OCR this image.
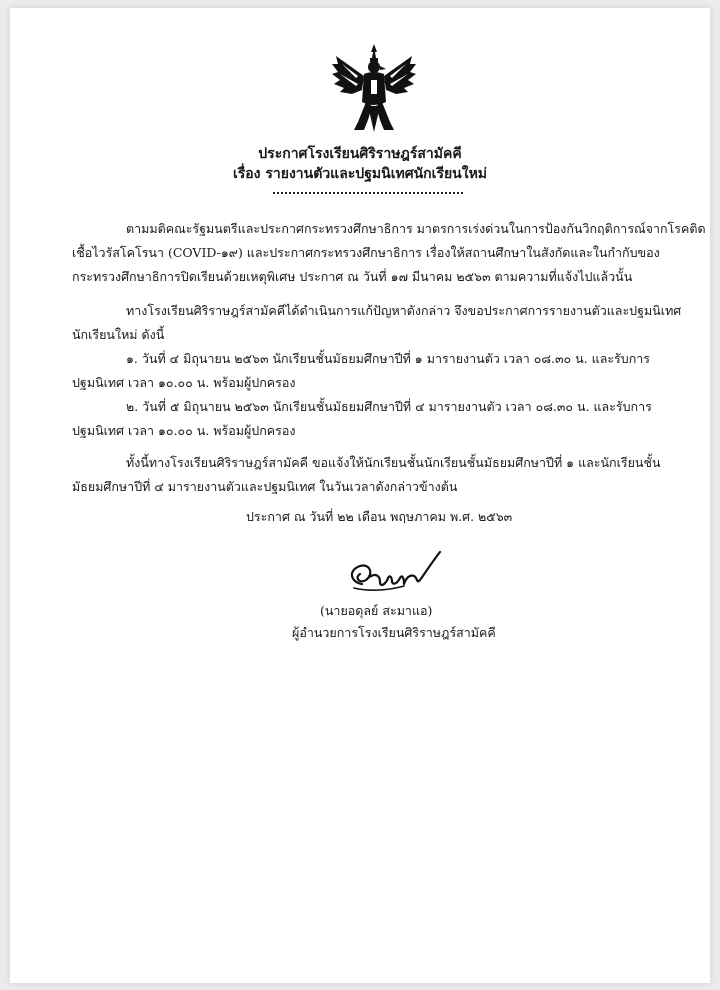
ประกาศโรงเรียนศิริราษฎร์สามัคคี
เรื่อง รายงานตัวและปฐมนิเทศนักเรียนใหม่
ตามมติคณะรัฐมนตรีและประกาศกระทรวงศึกษาธิการ มาตรการเร่งด่วนในการป้องกันวิกฤติการณ์จากโรคติด
เชื้อไวรัสโคโรนา (COVID-๑๙) และประกาศกระทรวงศึกษาธิการ เรื่องให้สถานศึกษาในสังกัดและในกำกับของ
กระทรวงศึกษาธิการปิดเรียนด้วยเหตุพิเศษ ประกาศ ณ วันที่ ๑๗ มีนาคม ๒๕๖๓ ตามความที่แจ้งไปแล้วนั้น
ทางโรงเรียนศิริราษฎร์สามัคคีได้ดำเนินการแก้ปัญหาดังกล่าว จึงขอประกาศการรายงานตัวและปฐมนิเทศ
นักเรียนใหม่ ดังนี้
๑. วันที่ ๔ มิถุนายน ๒๕๖๓ นักเรียนชั้นมัธยมศึกษาปีที่ ๑ มารายงานตัว เวลา ๐๘.๓๐ น. และรับการ
ปฐมนิเทศ เวลา ๑๐.๐๐ น. พร้อมผู้ปกครอง
๒. วันที่ ๕ มิถุนายน ๒๕๖๓ นักเรียนชั้นมัธยมศึกษาปีที่ ๔ มารายงานตัว เวลา ๐๘.๓๐ น. และรับการ
ปฐมนิเทศ เวลา ๑๐.๐๐ น. พร้อมผู้ปกครอง
ทั้งนี้ทางโรงเรียนศิริราษฎร์สามัคคี ขอแจ้งให้นักเรียนชั้นนักเรียนชั้นมัธยมศึกษาปีที่ ๑ และนักเรียนชั้น
มัธยมศึกษาปีที่ ๔ มารายงานตัวและปฐมนิเทศ ในวันเวลาดังกล่าวข้างต้น
ประกาศ ณ วันที่ ๒๒ เดือน พฤษภาคม พ.ศ. ๒๕๖๓
(นายอดุลย์ สะมาแอ)
ผู้อำนวยการโรงเรียนศิริราษฎร์สามัคคี
